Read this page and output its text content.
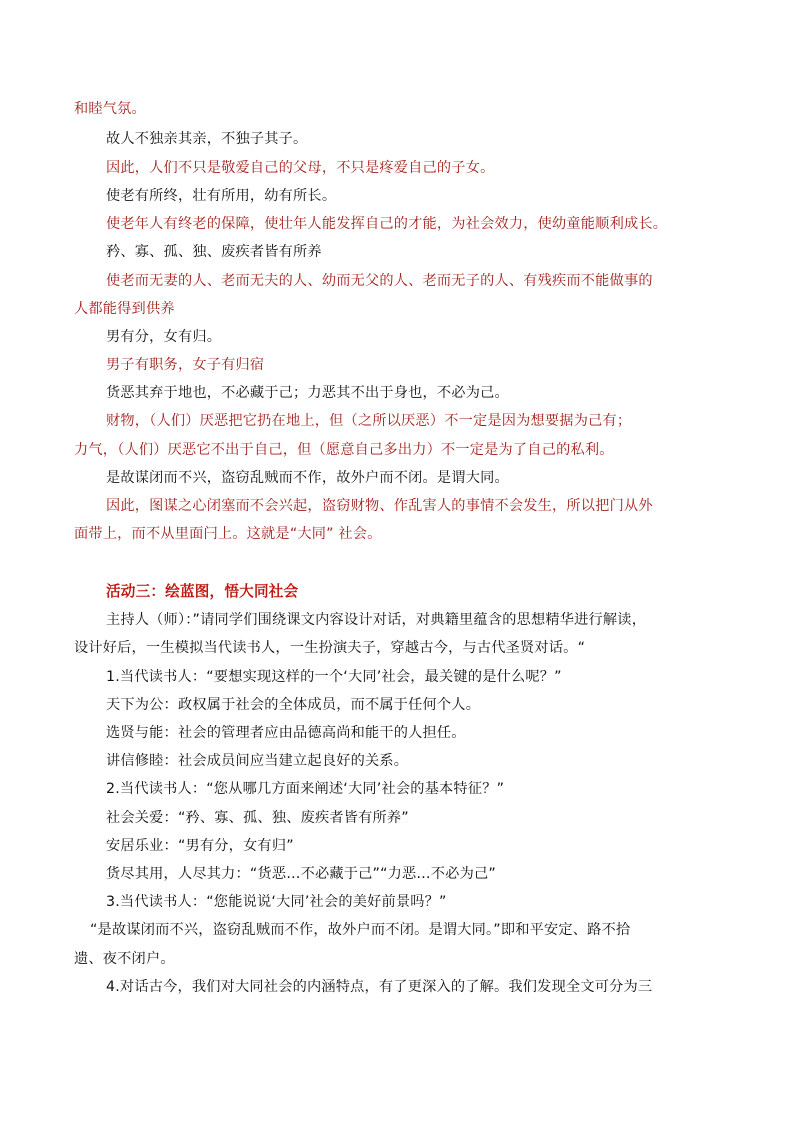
和睦气氛。
故人不独亲其亲，不独子其子。
因此，人们不只是敬爱自己的父母，不只是疼爱自己的子女。
使老有所终，壮有所用，幼有所长。
使老年人有终老的保障，使壮年人能发挥自己的才能，为社会效力，使幼童能顺利成长。
矜、寡、孤、独、废疾者皆有所养
使老而无妻的人、老而无夫的人、幼而无父的人、老而无子的人、有残疾而不能做事的
人都能得到供养
男有分，女有归。
男子有职务，女子有归宿
货恶其弃于地也，不必藏于己；力恶其不出于身也，不必为己。
财物，（人们）厌恶把它扔在地上，但（之所以厌恶）不一定是因为想要据为己有；
力气，（人们）厌恶它不出于自己，但（愿意自己多出力）不一定是为了自己的私利。
是故谋闭而不兴，盗窃乱贼而不作，故外户而不闭。是谓大同。
因此，图谋之心闭塞而不会兴起，盗窃财物、作乱害人的事情不会发生，所以把门从外
面带上，而不从里面闩上。这就是“大同” 社会。
活动三：绘蓝图，悟大同社会
主持人（师）：”请同学们围绕课文内容设计对话，对典籍里蕴含的思想精华进行解读，
设计好后，一生模拟当代读书人，一生扮演夫子，穿越古今，与古代圣贤对话。“
1.当代读书人：“要想实现这样的一个‘大同’社会，最关键的是什么呢？”
天下为公：政权属于社会的全体成员，而不属于任何个人。
选贤与能：社会的管理者应由品德高尚和能干的人担任。
讲信修睦：社会成员间应当建立起良好的关系。
2.当代读书人：“您从哪几方面来阐述‘大同’社会的基本特征？”
社会关爱：“矜、寡、孤、独、废疾者皆有所养”
安居乐业：“男有分，女有归”
货尽其用，人尽其力：“货恶…不必藏于己”“力恶…不必为己”
3.当代读书人：“您能说说‘大同’社会的美好前景吗？”
“是故谋闭而不兴，盗窃乱贼而不作，故外户而不闭。是谓大同。”即和平安定、路不拾
遗、夜不闭户。
4.对话古今，我们对大同社会的内涵特点，有了更深入的了解。我们发现全文可分为三
